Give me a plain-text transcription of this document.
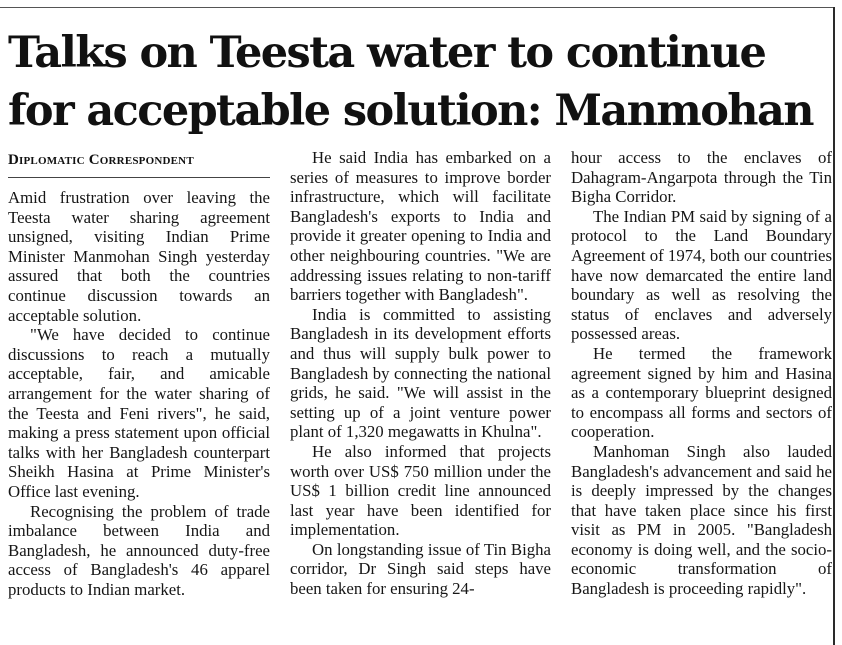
Talks on Teesta water to continue for acceptable solution: Manmohan
Diplomatic Correspondent

Amid frustration over leaving the Teesta water sharing agreement unsigned, visiting Indian Prime Minister Manmohan Singh yesterday assured that both the countries continue discussion towards an acceptable solution.

"We have decided to continue discussions to reach a mutually acceptable, fair, and amicable arrangement for the water sharing of the Teesta and Feni rivers", he said, making a press statement upon official talks with her Bangladesh counterpart Sheikh Hasina at Prime Minister's Office last evening.

Recognising the problem of trade imbalance between India and Bangladesh, he announced duty-free access of Bangladesh's 46 apparel products to Indian market.

He said India has embarked on a series of measures to improve border infrastructure, which will facilitate Bangladesh's exports to India and provide it greater opening to India and other neighbouring countries. "We are addressing issues relating to non-tariff barriers together with Bangladesh".

India is committed to assisting Bangladesh in its development efforts and thus will supply bulk power to Bangladesh by connecting the national grids, he said. "We will assist in the setting up of a joint venture power plant of 1,320 megawatts in Khulna".

He also informed that projects worth over US$ 750 million under the US$ 1 billion credit line announced last year have been identified for implementation.

On longstanding issue of Tin Bigha corridor, Dr Singh said steps have been taken for ensuring 24-

hour access to the enclaves of Dahagram-Angarpota through the Tin Bigha Corridor.

The Indian PM said by signing of a protocol to the Land Boundary Agreement of 1974, both our countries have now demarcated the entire land boundary as well as resolving the status of enclaves and adversely possessed areas.

He termed the framework agreement signed by him and Hasina as a contemporary blueprint designed to encompass all forms and sectors of cooperation.

Manhoman Singh also lauded Bangladesh's advancement and said he is deeply impressed by the changes that have taken place since his first visit as PM in 2005. "Bangladesh economy is doing well, and the socio-economic transformation of Bangladesh is proceeding rapidly".
